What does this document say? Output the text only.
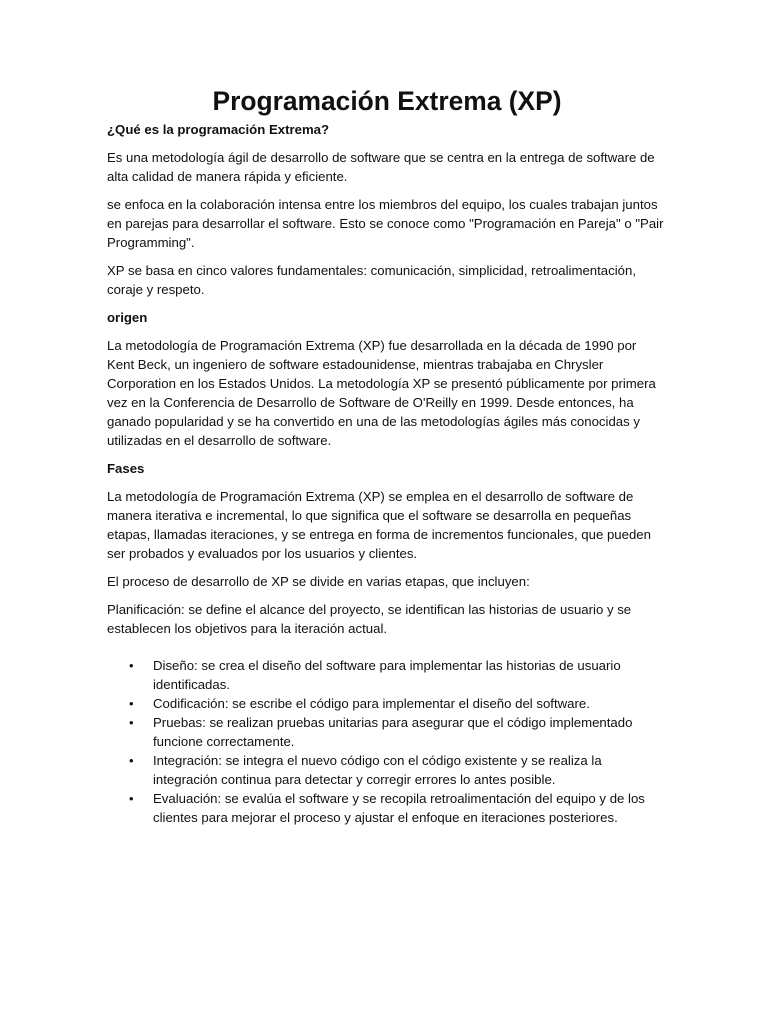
Programación Extrema (XP)
¿Qué es la programación Extrema?

Es una metodología ágil de desarrollo de software que se centra en la entrega de software de alta calidad de manera rápida y eficiente.

se enfoca en la colaboración intensa entre los miembros del equipo, los cuales trabajan juntos en parejas para desarrollar el software. Esto se conoce como "Programación en Pareja" o "Pair Programming".

XP se basa en cinco valores fundamentales: comunicación, simplicidad, retroalimentación, coraje y respeto.

origen

La metodología de Programación Extrema (XP) fue desarrollada en la década de 1990 por Kent Beck, un ingeniero de software estadounidense, mientras trabajaba en Chrysler Corporation en los Estados Unidos. La metodología XP se presentó públicamente por primera vez en la Conferencia de Desarrollo de Software de O'Reilly en 1999. Desde entonces, ha ganado popularidad y se ha convertido en una de las metodologías ágiles más conocidas y utilizadas en el desarrollo de software.

Fases

La metodología de Programación Extrema (XP) se emplea en el desarrollo de software de manera iterativa e incremental, lo que significa que el software se desarrolla en pequeñas etapas, llamadas iteraciones, y se entrega en forma de incrementos funcionales, que pueden ser probados y evaluados por los usuarios y clientes.

El proceso de desarrollo de XP se divide en varias etapas, que incluyen:

Planificación: se define el alcance del proyecto, se identifican las historias de usuario y se establecen los objetivos para la iteración actual.

• Diseño: se crea el diseño del software para implementar las historias de usuario identificadas.
• Codificación: se escribe el código para implementar el diseño del software.
• Pruebas: se realizan pruebas unitarias para asegurar que el código implementado funcione correctamente.
• Integración: se integra el nuevo código con el código existente y se realiza la integración continua para detectar y corregir errores lo antes posible.
• Evaluación: se evalúa el software y se recopila retroalimentación del equipo y de los clientes para mejorar el proceso y ajustar el enfoque en iteraciones posteriores.
